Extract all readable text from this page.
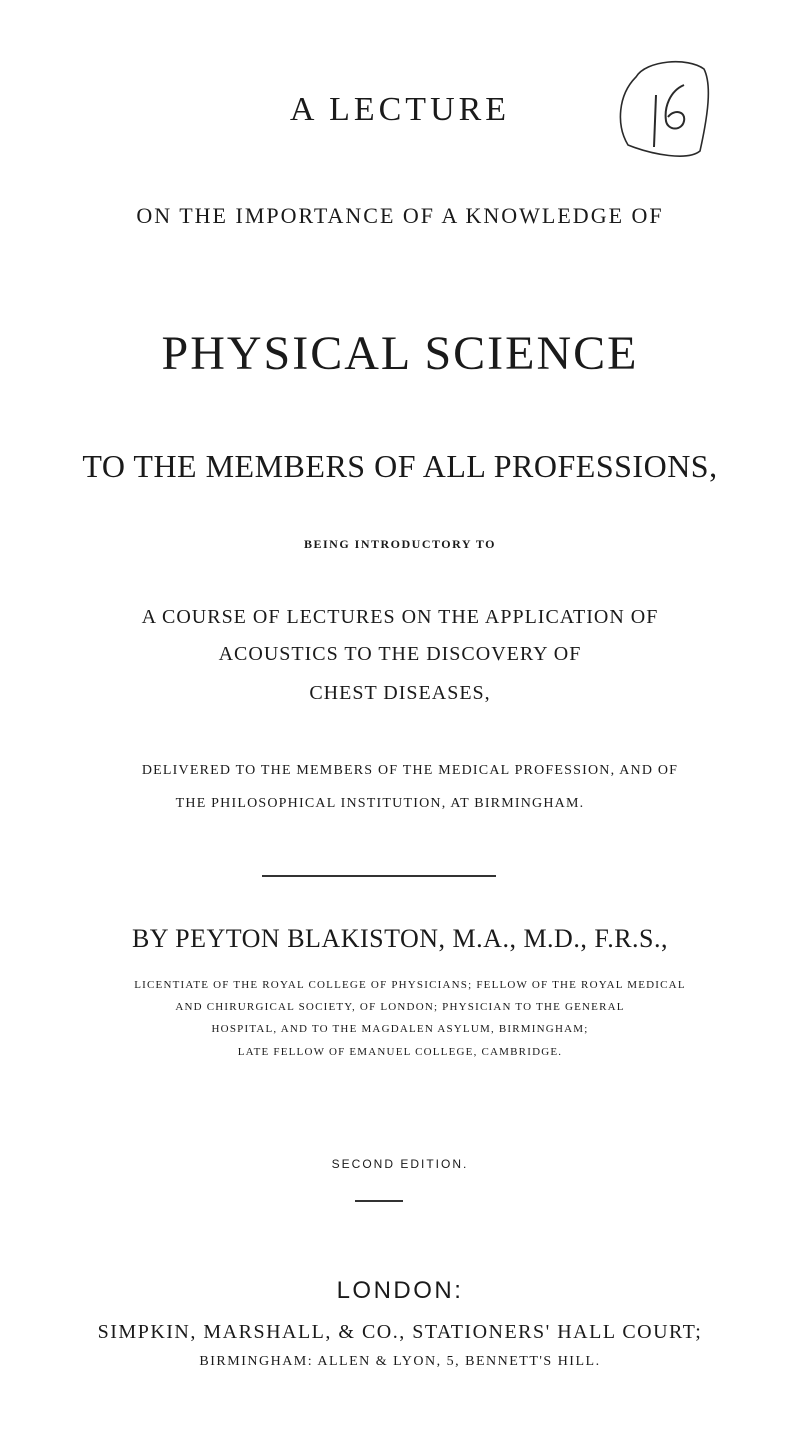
A LECTURE
ON THE IMPORTANCE OF A KNOWLEDGE OF
PHYSICAL SCIENCE
TO THE MEMBERS OF ALL PROFESSIONS,
BEING INTRODUCTORY TO
A COURSE OF LECTURES ON THE APPLICATION OF
ACOUSTICS TO THE DISCOVERY OF
CHEST DISEASES,
DELIVERED TO THE MEMBERS OF THE MEDICAL PROFESSION, AND OF
THE PHILOSOPHICAL INSTITUTION, AT BIRMINGHAM.
BY PEYTON BLAKISTON, M.A., M.D., F.R.S.,
LICENTIATE OF THE ROYAL COLLEGE OF PHYSICIANS; FELLOW OF THE ROYAL MEDICAL
AND CHIRURGICAL SOCIETY, OF LONDON; PHYSICIAN TO THE GENERAL
HOSPITAL, AND TO THE MAGDALEN ASYLUM, BIRMINGHAM;
LATE FELLOW OF EMANUEL COLLEGE, CAMBRIDGE.
SECOND EDITION.
LONDON:
SIMPKIN, MARSHALL, & CO., STATIONERS' HALL COURT;
BIRMINGHAM: ALLEN & LYON, 5, BENNETT'S HILL.
